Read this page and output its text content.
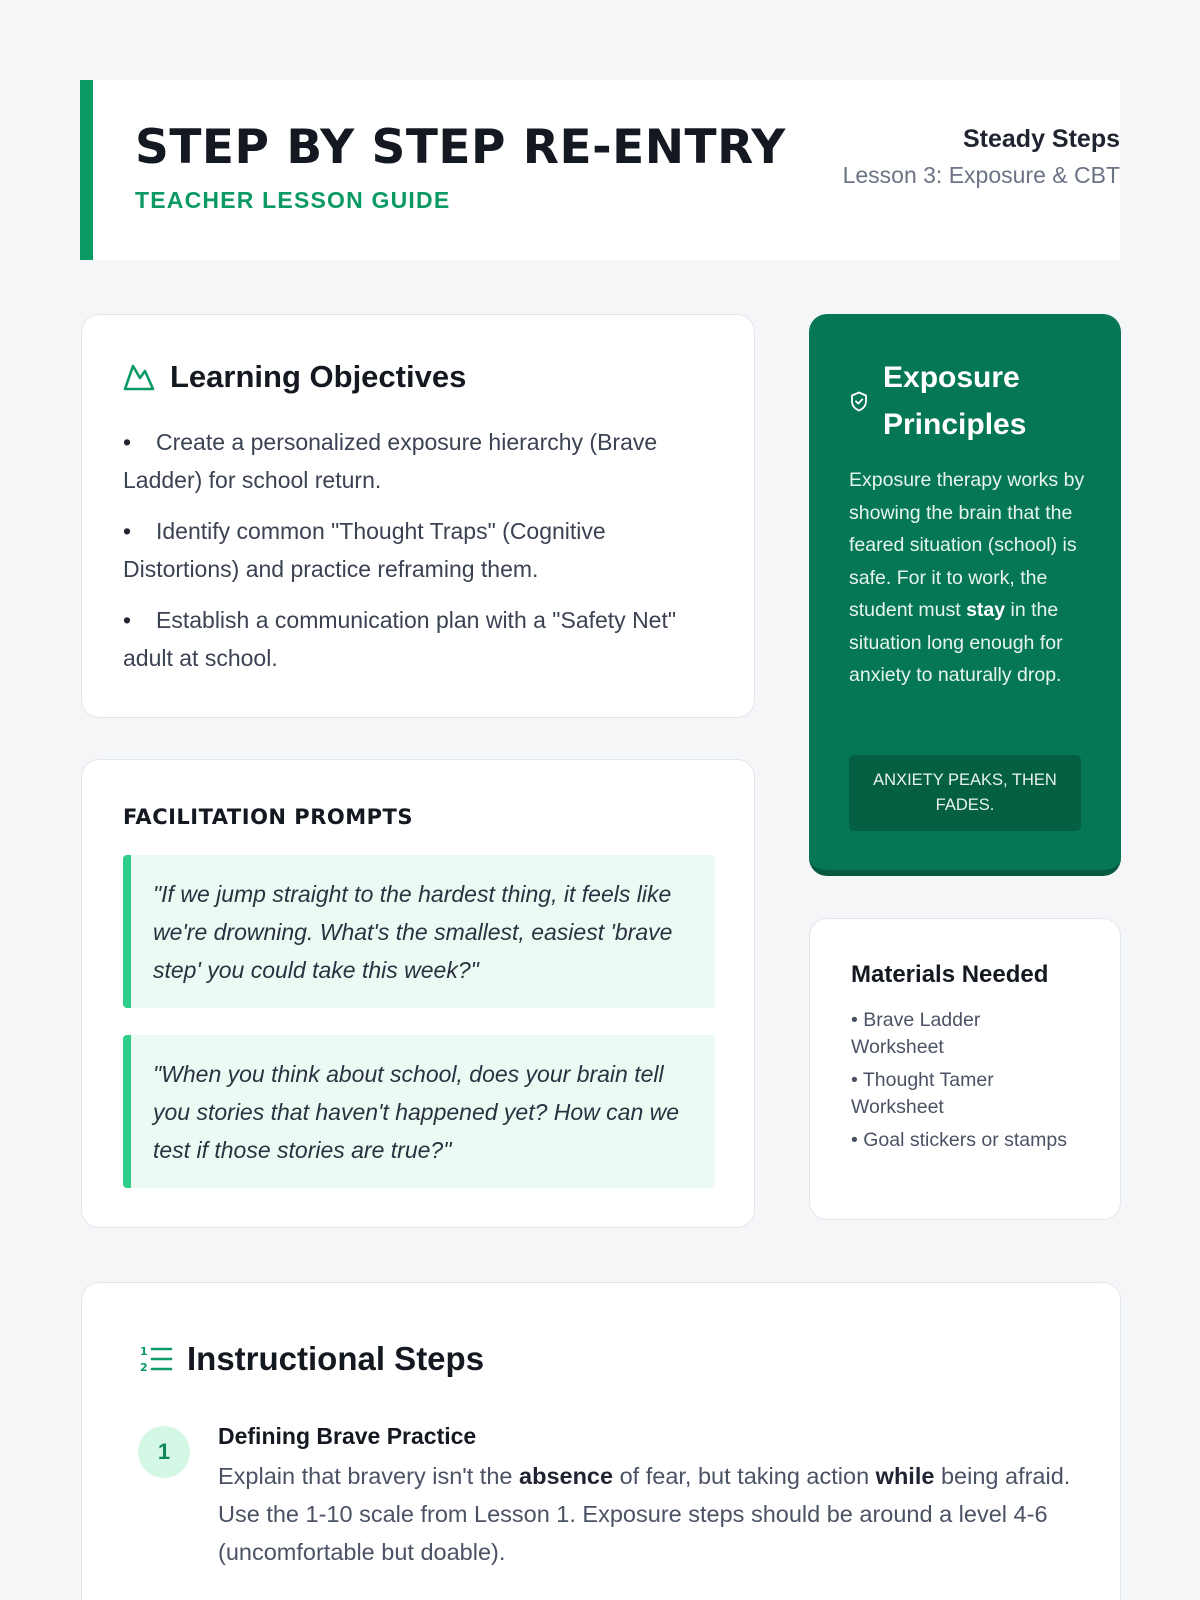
STEP BY STEP RE-ENTRY
TEACHER LESSON GUIDE
Steady Steps
Lesson 3: Exposure & CBT
Learning Objectives
• Create a personalized exposure hierarchy (Brave Ladder) for school return.
• Identify common "Thought Traps" (Cognitive Distortions) and practice reframing them.
• Establish a communication plan with a "Safety Net" adult at school.
FACILITATION PROMPTS
"If we jump straight to the hardest thing, it feels like we're drowning. What's the smallest, easiest 'brave step' you could take this week?"
"When you think about school, does your brain tell you stories that haven't happened yet? How can we test if those stories are true?"
Exposure Principles
Exposure therapy works by showing the brain that the feared situation (school) is safe. For it to work, the student must stay in the situation long enough for anxiety to naturally drop.
ANXIETY PEAKS, THEN FADES.
Materials Needed
• Brave Ladder Worksheet
• Thought Tamer Worksheet
• Goal stickers or stamps
1
2 Instructional Steps
1
Defining Brave Practice
Explain that bravery isn't the absence of fear, but taking action while being afraid. Use the 1-10 scale from Lesson 1. Exposure steps should be around a level 4-6 (uncomfortable but doable).
